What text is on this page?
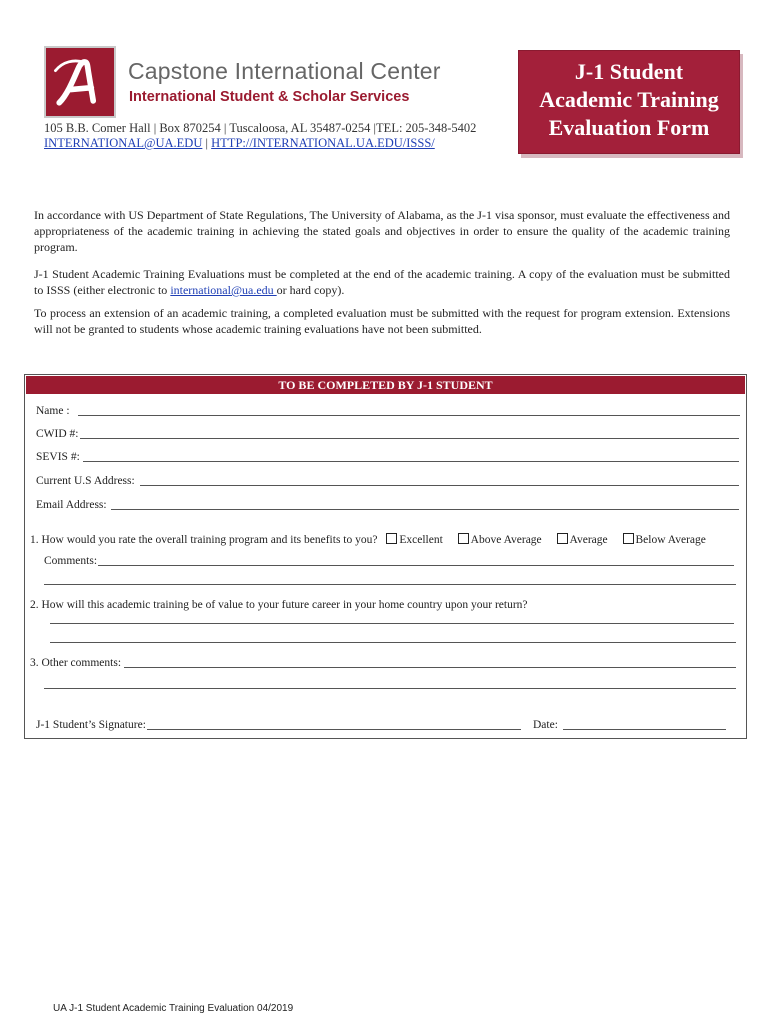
Capstone International Center
International Student & Scholar Services
105 B.B. Comer Hall | Box 870254 | Tuscaloosa, AL 35487-0254 |TEL: 205-348-5402
INTERNATIONAL@UA.EDU | HTTP://INTERNATIONAL.UA.EDU/ISSS/
J-1 Student
Academic Training
Evaluation Form

In accordance with US Department of State Regulations, The University of Alabama, as the J-1 visa sponsor, must evaluate the effectiveness and appropriateness of the academic training in achieving the stated goals and objectives in order to ensure the quality of the academic training program.

J-1 Student Academic Training Evaluations must be completed at the end of the academic training. A copy of the evaluation must be submitted to ISSS (either electronic to international@ua.edu or hard copy).

To process an extension of an academic training, a completed evaluation must be submitted with the request for program extension. Extensions will not be granted to students whose academic training evaluations have not been submitted.

TO BE COMPLETED BY J-1 STUDENT
Name :
CWID #:
SEVIS #:
Current U.S Address:
Email Address:
1. How would you rate the overall training program and its benefits to you? Excellent Above Average Average Below Average
Comments:
2. How will this academic training be of value to your future career in your home country upon your return?
3. Other comments:
J-1 Student’s Signature:	Date:
UA J-1 Student Academic Training Evaluation 04/2019
